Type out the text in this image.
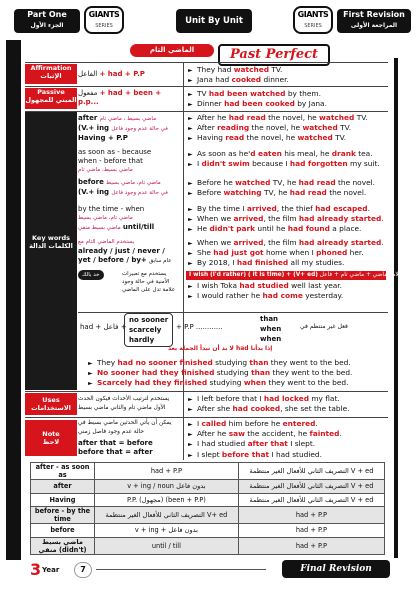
Part One
الجزء الأول
GIANTS
SERIES	Unit By Unit
GIANTS
SERIES
First Revision
المراجعة الأولى
الماضي التام	Past Perfect
Affirmation
الإثبات	الفاعل + had + P.P
Passive
المبني للمجهول
مفعول + had + been +
p.p...
Key words
الكلمات الدالة
after ماضي بسيط ، ماضي تام
(V.+ ing في حالة عدم وجود فاعل
Having + P.P
as soon as - because
when - before that
ماضي بسيط، ماضي تام
before ماضي تام، ماضي بسيط
(V.+ ing في حالة عدم وجود فاعل
by the time - when
ماضي تام، ماضي بسيط
ماضي بسيط منفي until/till
يستخدم الماضي التام مع
already / just / never /
yet / before / by+ عام سابق
خد بالك	يستخدم مع تعبيرات
الأمنية في حالة وجود
علامة تدل على الماضي
had + فاعل +
no sooner
scarcely
hardly
+ P.P ............
than
when
when
فعل غير منتظم في
لا بد أن نبدأ الجملة بعد had إذا بدأنا
Uses
الاستخدامات
يستخدم لترتيب الأحداث فيكون الحدث
الأول ماضي تام والثاني ماضي بسيط
Note
لاحظ
يمكن أن يأتي الحدثين ماضي بسيط في
حالة عدم وجود فاصل زمني
after that = before
before that = after
► They had watched TV.
► Jana had cooked dinner.
► TV had been watched by them.
► Dinner had been cooked by Jana.
► After he had read the novel, he watched TV.
► After reading the novel, he watched TV.
► Having read the novel, he watched TV.
► As soon as he'd eaten his meal, he drank tea.
► I didn't swim because I had forgotten my suit.
► Before he watched TV, he had read the novel.
► Before watching TV, he had read the novel.
► By the time I arrived, the thief had escaped.
► When we arrived, the film had already started.
► He didn't park until he had found a place.
► When we arrived, the film had already started.
► She had just got home when I phoned her.
► By 2018, I had finished all my studies.
► I wish Toka had studied well last year.
► I would rather he had come yesterday.
► They had no sooner finished studying than they went to the bed.
► No sooner had they finished studying than they went to the bed.
► Scarcely had they finished studying when they went to the bed.
► I left before that I had locked my flat.
► After she had cooked, she set the table.
► I called him before he entered.
► After he saw the accident, he fainted.
► I had studied after that I slept.
► I slept before that I had studied.
after - as soon as	had + P.P	التصريف الثاني للأفعال الغير منتظمة V + ed
after	v + ing / noun بدون فاعل	التصريف الثاني للأفعال الغير منتظمة V + ed
Having	P.P. (مجهول) (been + P.P)	التصريف الثاني للأفعال الغير منتظمة V + ed
before - by the time	التصريف الثاني للأفعال الغير منتظمة V+ ed	had + P.P
before	v + ing + بدون فاعل	had + P.P
ماضي بسيط منفي (didn't)	until / till	had + P.P
3 Year	7	Final Revision
I wish (I'd rather) ( it is time) + (V+ ed) علامة ماضي + ماضي تام + فاعل
